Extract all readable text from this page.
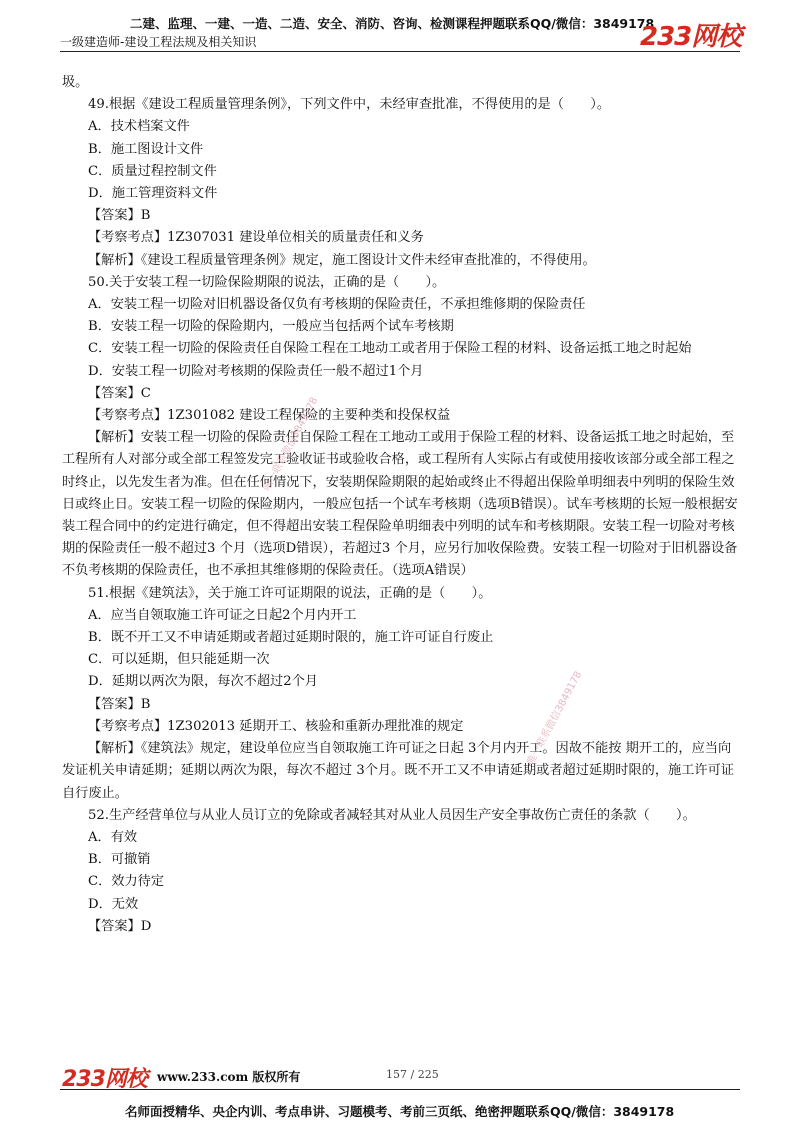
二建、监理、一建、一造、二造、安全、消防、咨询、检测课程押题联系QQ/微信：3849178
一级建造师-建设工程法规及相关知识	233网校

圾。

49.根据《建设工程质量管理条例》，下列文件中，未经审查批准，不得使用的是（　　）。

A．技术档案文件

B．施工图设计文件

C．质量过程控制文件

D．施工管理资料文件

【答案】B

【考察考点】1Z307031 建设单位相关的质量责任和义务

【解析】《建设工程质量管理条例》规定，施工图设计文件未经审查批准的，不得使用。

50.关于安装工程一切险保险期限的说法，正确的是（　　）。

A．安装工程一切险对旧机器设备仅负有考核期的保险责任，不承担维修期的保险责任

B．安装工程一切险的保险期内，一般应当包括两个试车考核期

C．安装工程一切险的保险责任自保险工程在工地动工或者用于保险工程的材料、设备运抵工地之时起始

D．安装工程一切险对考核期的保险责任一般不超过1个月

【答案】C

【考察考点】1Z301082 建设工程保险的主要种类和投保权益

【解析】安装工程一切险的保险责任自保险工程在工地动工或用于保险工程的材料、设备运抵工地之时起始，至工程所有人对部分或全部工程签发完工验收证书或验收合格，或工程所有人实际占有或使用接收该部分或全部工程之时终止，以先发生者为准。但在任何情况下，安装期保险期限的起始或终止不得超出保险单明细表中列明的保险生效日或终止日。安装工程一切险的保险期内，一般应包括一个试车考核期（选项B错误）。试车考核期的长短一般根据安装工程合同中的约定进行确定，但不得超出安装工程保险单明细表中列明的试车和考核期限。安装工程一切险对考核期的保险责任一般不超过3 个月（选项D错误），若超过3 个月，应另行加收保险费。安装工程一切险对于旧机器设备不负考核期的保险责任，也不承担其维修期的保险责任。（选项A错误）

51.根据《建筑法》，关于施工许可证期限的说法，正确的是（　　）。

A．应当自领取施工许可证之日起2个月内开工

B．既不开工又不申请延期或者超过延期时限的，施工许可证自行废止

C．可以延期，但只能延期一次

D．延期以两次为限，每次不超过2个月

【答案】B

【考察考点】1Z302013 延期开工、核验和重新办理批准的规定

【解析】《建筑法》规定，建设单位应当自领取施工许可证之日起 3个月内开工。因故不能按 期开工的，应当向发证机关申请延期；延期以两次为限，每次不超过 3个月。既不开工又不申请延期或者超过延期时限的，施工许可证自行废止。

52.生产经营单位与从业人员订立的免除或者减轻其对从业人员因生产安全事故伤亡责任的条款（　　）。

A．有效

B．可撤销

C．效力待定

D．无效

【答案】D

唯一联系微信3849178
唯一联系微信3849178
233网校 www.233.com 版权所有	157 / 225
名师面授精华、央企内训、考点串讲、习题模考、考前三页纸、绝密押题联系QQ/微信：3849178
